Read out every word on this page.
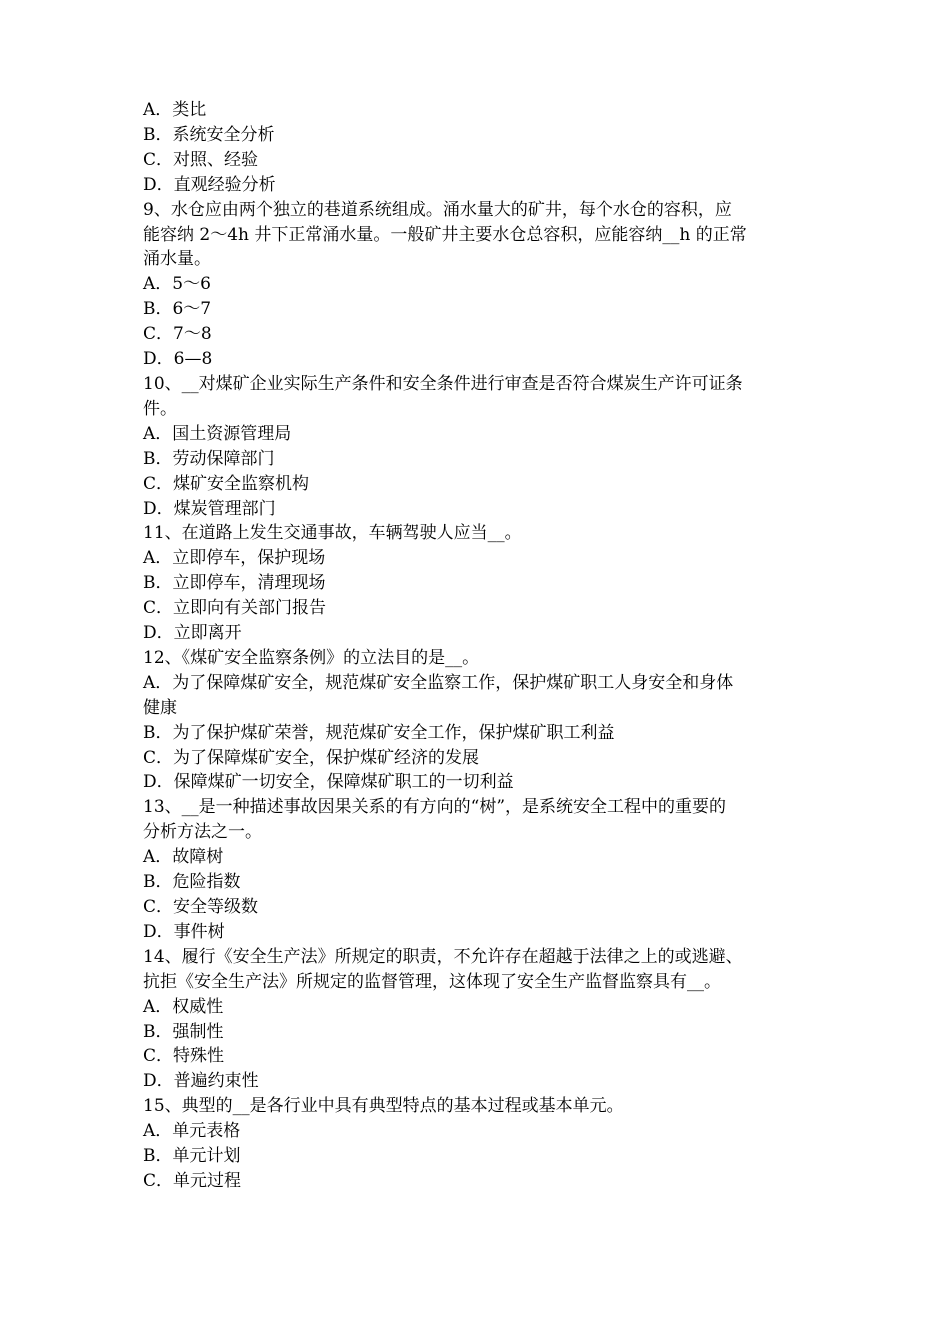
A．类比
B．系统安全分析
C．对照、经验
D．直观经验分析
9、水仓应由两个独立的巷道系统组成。涌水量大的矿井，每个水仓的容积，应
能容纳 2～4h 井下正常涌水量。一般矿井主要水仓总容积，应能容纳__h 的正常
涌水量。
A．5～6
B．6～7
C．7～8
D．6—8
10、__对煤矿企业实际生产条件和安全条件进行审查是否符合煤炭生产许可证条
件。
A．国土资源管理局
B．劳动保障部门
C．煤矿安全监察机构
D．煤炭管理部门
11、在道路上发生交通事故，车辆驾驶人应当__。
A．立即停车，保护现场
B．立即停车，清理现场
C．立即向有关部门报告
D．立即离开
12、《煤矿安全监察条例》的立法目的是__。
A．为了保障煤矿安全，规范煤矿安全监察工作，保护煤矿职工人身安全和身体
健康
B．为了保护煤矿荣誉，规范煤矿安全工作，保护煤矿职工利益
C．为了保障煤矿安全，保护煤矿经济的发展
D．保障煤矿一切安全，保障煤矿职工的一切利益
13、__是一种描述事故因果关系的有方向的“树”，是系统安全工程中的重要的
分析方法之一。
A．故障树
B．危险指数
C．安全等级数
D．事件树
14、履行《安全生产法》所规定的职责，不允许存在超越于法律之上的或逃避、
抗拒《安全生产法》所规定的监督管理，这体现了安全生产监督监察具有__。
A．权威性
B．强制性
C．特殊性
D．普遍约束性
15、典型的__是各行业中具有典型特点的基本过程或基本单元。
A．单元表格
B．单元计划
C．单元过程
